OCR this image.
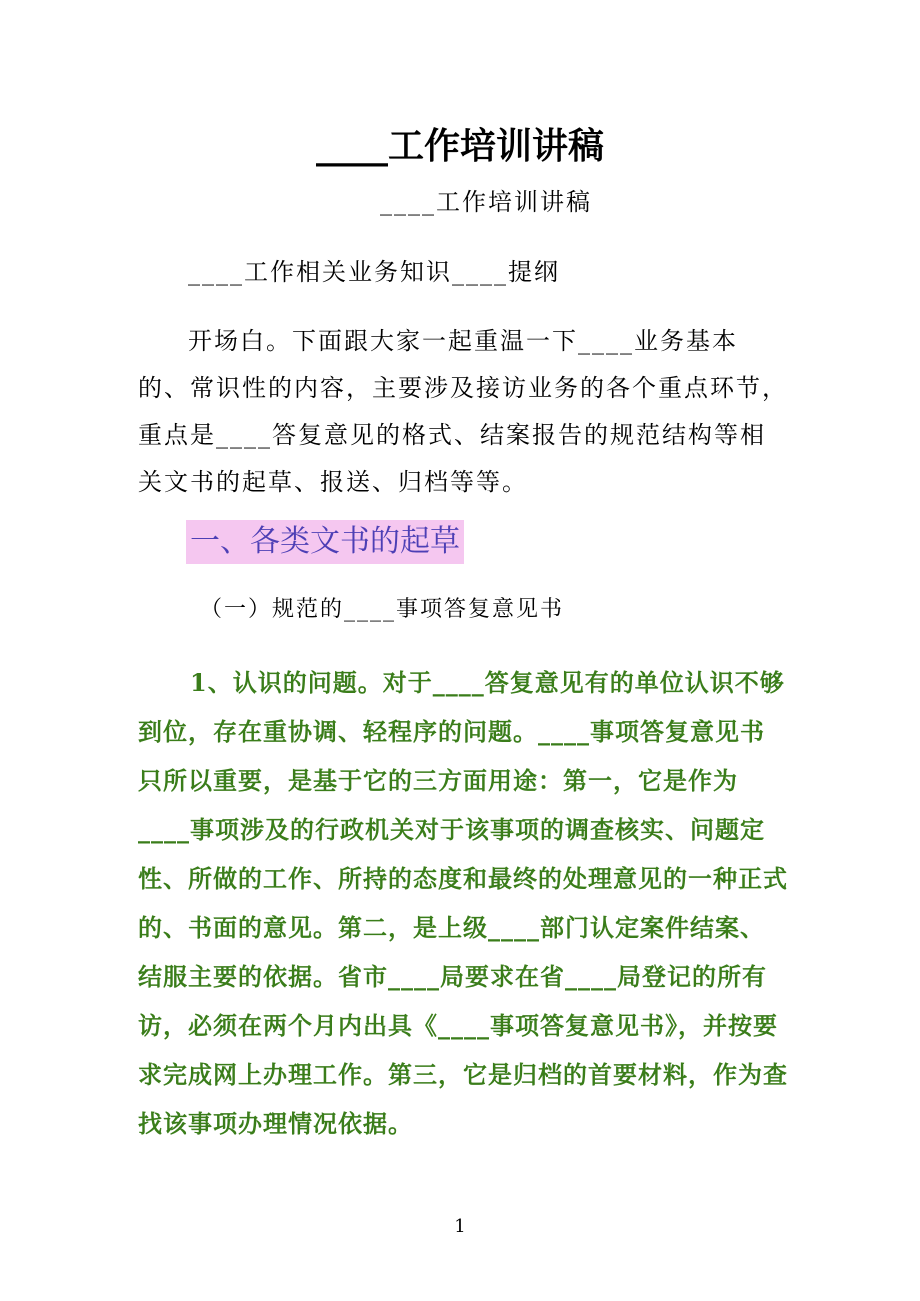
____工作培训讲稿

____工作培训讲稿

____工作相关业务知识____提纲

开场白。下面跟大家一起重温一下____业务基本的、常识性的内容，主要涉及接访业务的各个重点环节，重点是____答复意见的格式、结案报告的规范结构等相关文书的起草、报送、归档等等。

一、各类文书的起草

（一）规范的____事项答复意见书

1、认识的问题。对于____答复意见有的单位认识不够到位，存在重协调、轻程序的问题。____事项答复意见书只所以重要，是基于它的三方面用途：第一，它是作为____事项涉及的行政机关对于该事项的调查核实、问题定性、所做的工作、所持的态度和最终的处理意见的一种正式的、书面的意见。第二，是上级____部门认定案件结案、结服主要的依据。省市____局要求在省____局登记的所有访，必须在两个月内出具《____事项答复意见书》，并按要求完成网上办理工作。第三，它是归档的首要材料，作为查找该事项办理情况依据。

1
